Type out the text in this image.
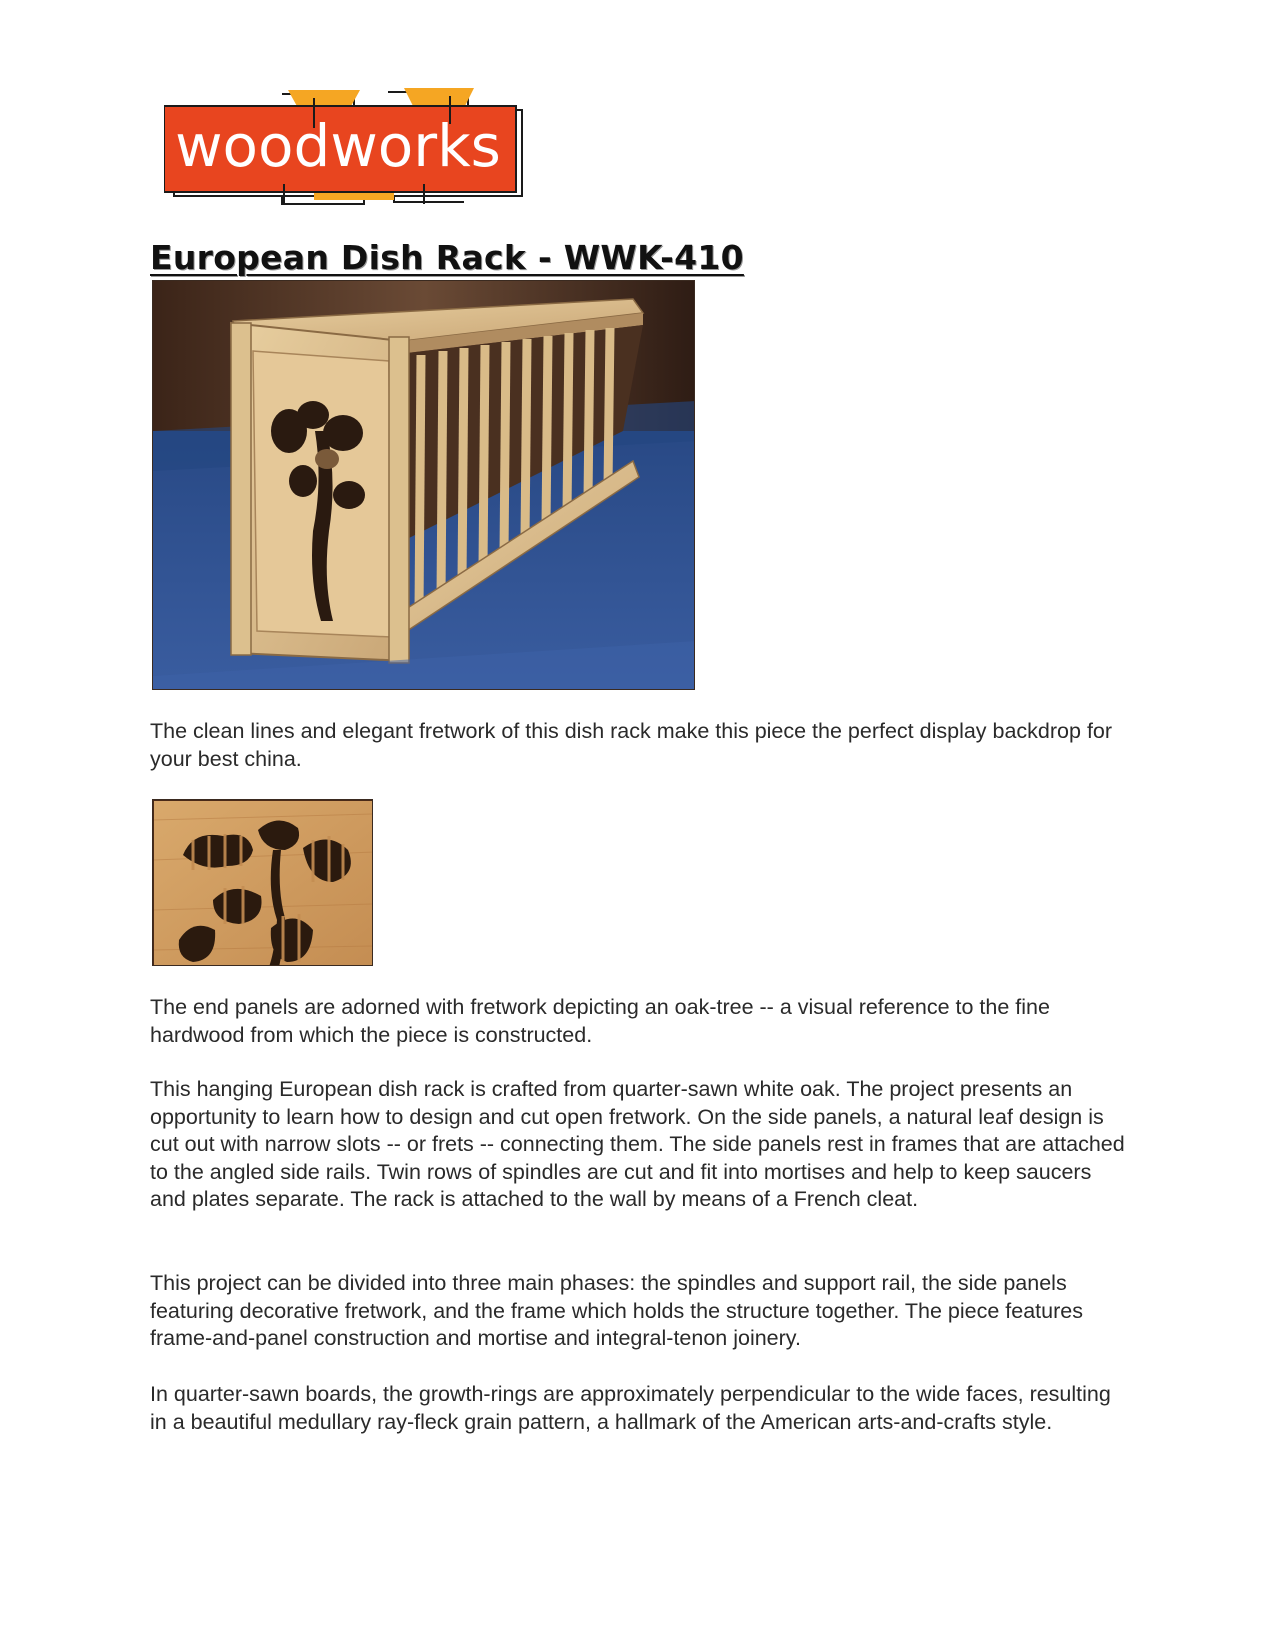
woodworks
European Dish Rack - WWK-410

The clean lines and elegant fretwork of this dish rack make this piece the perfect display backdrop for your best china.

The end panels are adorned with fretwork depicting an oak-tree -- a visual reference to the fine hardwood from which the piece is constructed.

This hanging European dish rack is crafted from quarter-sawn white oak. The project presents an opportunity to learn how to design and cut open fretwork. On the side panels, a natural leaf design is cut out with narrow slots -- or frets -- connecting them. The side panels rest in frames that are attached to the angled side rails. Twin rows of spindles are cut and fit into mortises and help to keep saucers and plates separate. The rack is attached to the wall by means of a French cleat.

This project can be divided into three main phases: the spindles and support rail, the side panels featuring decorative fretwork, and the frame which holds the structure together. The piece features frame-and-panel construction and mortise and integral-tenon joinery.

In quarter-sawn boards, the growth-rings are approximately perpendicular to the wide faces, resulting in a beautiful medullary ray-fleck grain pattern, a hallmark of the American arts-and-crafts style.
